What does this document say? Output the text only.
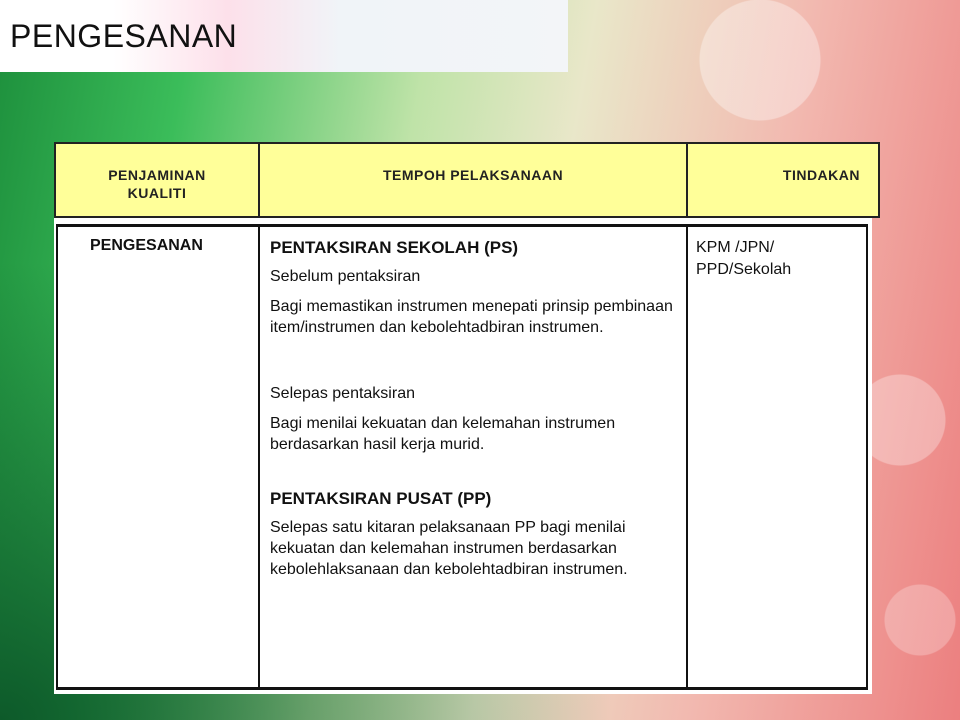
PENGESANAN
PENJAMINAN
KUALITI
TEMPOH PELAKSANAAN	TINDAKAN
PENGESANAN	PENTAKSIRAN SEKOLAH (PS)

Sebelum pentaksiran

Bagi memastikan instrumen menepati prinsip pembinaan item/instrumen dan kebolehtadbiran instrumen.

Selepas pentaksiran

Bagi menilai kekuatan dan kelemahan instrumen berdasarkan hasil kerja murid.

PENTAKSIRAN PUSAT (PP)

Selepas satu kitaran pelaksanaan PP bagi menilai kekuatan dan kelemahan instrumen berdasarkan kebolehlaksanaan dan kebolehtadbiran instrumen.

KPM /JPN/
PPD/Sekolah
